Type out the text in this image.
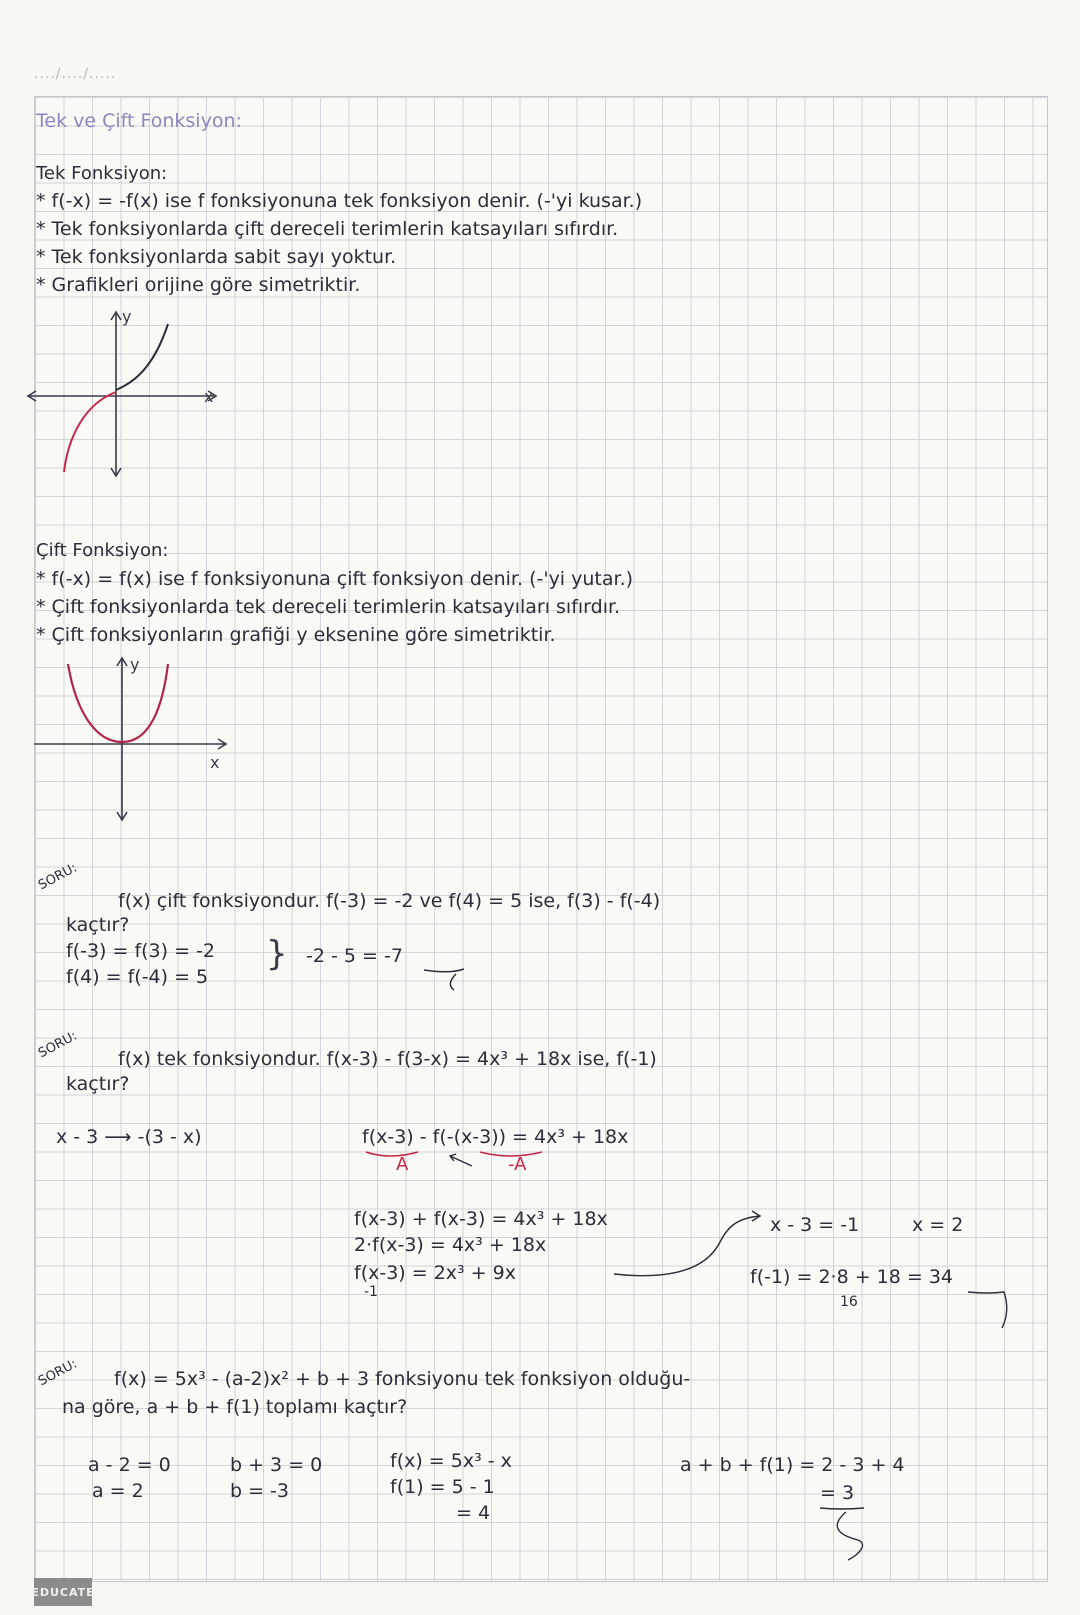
..../..../.....
Tek ve Çift Fonksiyon:
Tek Fonksiyon:
* f(-x) = -f(x) ise f fonksiyonuna tek fonksiyon denir. (-'yi kusar.)
* Tek fonksiyonlarda çift dereceli terimlerin katsayıları sıfırdır.
* Tek fonksiyonlarda sabit sayı yoktur.
* Grafikleri orijine göre simetriktir.
y
x
Çift Fonksiyon:
* f(-x) = f(x) ise f fonksiyonuna çift fonksiyon denir. (-'yi yutar.)
* Çift fonksiyonlarda tek dereceli terimlerin katsayıları sıfırdır.
* Çift fonksiyonların grafiği y eksenine göre simetriktir.
y
x
SORU:
f(x) çift fonksiyondur. f(-3) = -2 ve f(4) = 5 ise, f(3) - f(-4)
kaçtır?
f(-3) = f(3) = -2
f(4) = f(-4) = 5
} -2 - 5 = -7
SORU: f(x) tek fonksiyondur. f(x-3) - f(3-x) = 4x³ + 18x ise, f(-1)
kaçtır?
x - 3 ⟶ -(3 - x)	f(x-3) - f(-(x-3)) = 4x³ + 18x
A	-A
f(x-3) + f(x-3) = 4x³ + 18x
2·f(x-3) = 4x³ + 18x
f(x-3) = 2x³ + 9x
-1
x - 3 = -1	x = 2
f(-1) = 2·8 + 18 = 34
16
SORU: f(x) = 5x³ - (a-2)x² + b + 3 fonksiyonu tek fonksiyon olduğu-
na göre, a + b + f(1) toplamı kaçtır?
a - 2 = 0
a = 2
b + 3 = 0
b = -3
f(x) = 5x³ - x
f(1) = 5 - 1
= 4
a + b + f(1) = 2 - 3 + 4
= 3
EDUCATE
